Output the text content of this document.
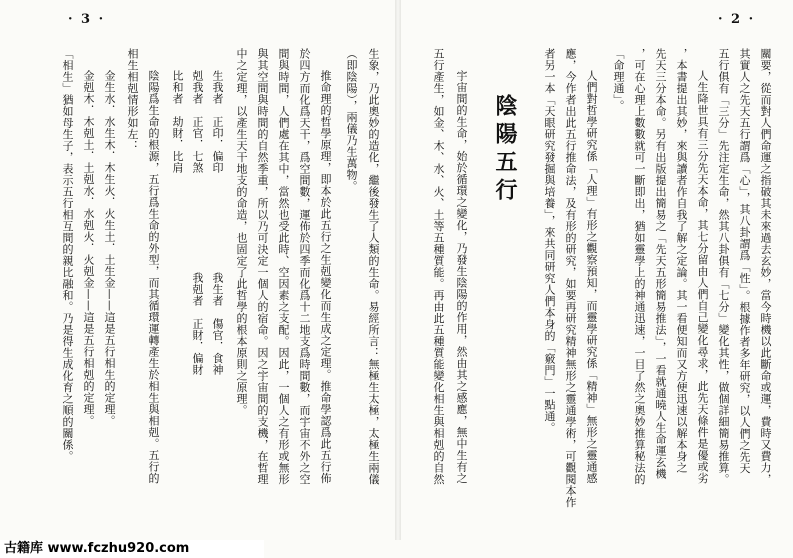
· 3 ·
生象，乃此奧妙的造化，繼後發生了人類的生命。易經所言：無極生太極，太極生兩儀
（即陰陽），兩儀乃生萬物。
推命理的哲學原理，即本於此五行之生剋變化而生成之定理。推命學認爲此五行佈
於四方而化爲天干，爲空間數，運佈於四季而化爲十二地支爲時間數，而宇宙不外之空
間與時間，人們處在其中，當然也受此時、空因素之支配。因此，一個人之有形或無形
與其空間與時間的自然季重，所以乃可決定一個人的宿命。因之宇宙間的支機，在哲理
中之定理，以產生天干地支的命造，也固定了此哲學的根本原則之原理。
生我者　正印．偏印
我生者　傷官．食神
剋我者　正官．七煞
我剋者　正財．偏財
比和者　劫財．比肩
陰陽爲生命的根源，五行爲生命的外型，而其循環運轉產生於相生與相剋。五行的
相生相剋情形如左：
金生水．水生木．木生火．火生土．土生金——這是五行相生的定理。
金剋木．木剋土．土剋水．水剋火．火剋金——這是五行相剋的定理。
「相生」猶如母生子，表示五行相互間的親比融和。乃是得生成化育之順的關係。
· 2 ·
關要，從而對人們命運之指破其未來過去玄妙，當今時機以此斷命或運，費時又費力，
其實人之先天五行謂爲「心」，其八卦謂爲「性」。根據作者多年研究，以人們之先天
五行俱有「三分」先注定生命，然其八卦俱有「七分」變化其性，做個詳細簡易推算。
人生降世具有三分先天本命，其七分留由人們自己變化尋求，此先天條件是優或劣
，本書提出其妙，來與讀者作自我了解之定論。其一看便知而又方便迅速以解本身之
先天三分本命。另有出版提出簡易之「先天五形簡易推法」，一看就通曉人生命運玄機
，可在心理上數數就可一斷即出，猶如靈學上的神通迅速，一目了然之奧妙推算秘法的
「命理通」。
人們對哲學研究係「人理」有形之觀察預知，而靈學研究係「精神」無形之靈通感
應，今作者出此五行推命法，及有形的研究，如要再研究精神無形之靈通學術，可觀閱本作
者另一本「天眼研究發掘與培養」，來共同研究人們本身的「竅門」一點通。
陰陽五行
宇宙間的生命，始於循環之變化，乃發生陰陽的作用，然由其之感應，無中生有之
五行產生，如金、木、水、火、土等五種質能。再由此五種質能變化相生與相剋的自然
古籍库 www.fczhu920.com
